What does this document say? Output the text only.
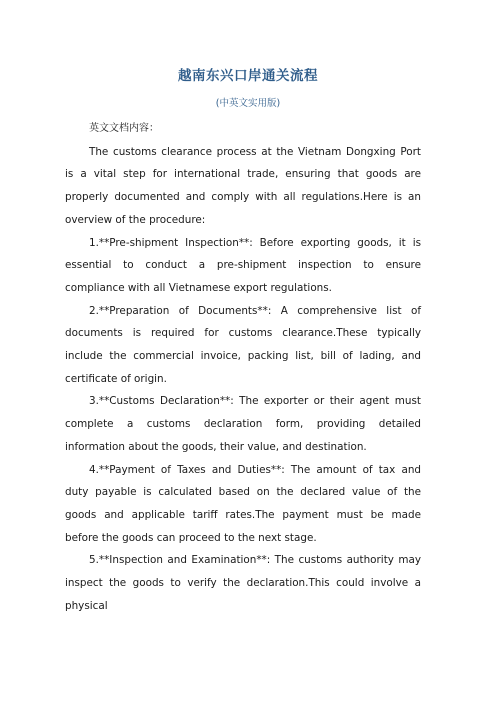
越南东兴口岸通关流程
(中英文实用版)

英文文档内容：

The customs clearance process at the Vietnam Dongxing Port is a vital step for international trade, ensuring that goods are properly documented and comply with all regulations.Here is an overview of the procedure:

1.**Pre-shipment Inspection**: Before exporting goods, it is essential to conduct a pre-shipment inspection to ensure compliance with all Vietnamese export regulations.

2.**Preparation of Documents**: A comprehensive list of documents is required for customs clearance.These typically include the commercial invoice, packing list, bill of lading, and certificate of origin.

3.**Customs Declaration**: The exporter or their agent must complete a customs declaration form, providing detailed information about the goods, their value, and destination.

4.**Payment of Taxes and Duties**: The amount of tax and duty payable is calculated based on the declared value of the goods and applicable tariff rates.The payment must be made before the goods can proceed to the next stage.

5.**Inspection and Examination**: The customs authority may inspect the goods to verify the declaration.This could involve a physical
